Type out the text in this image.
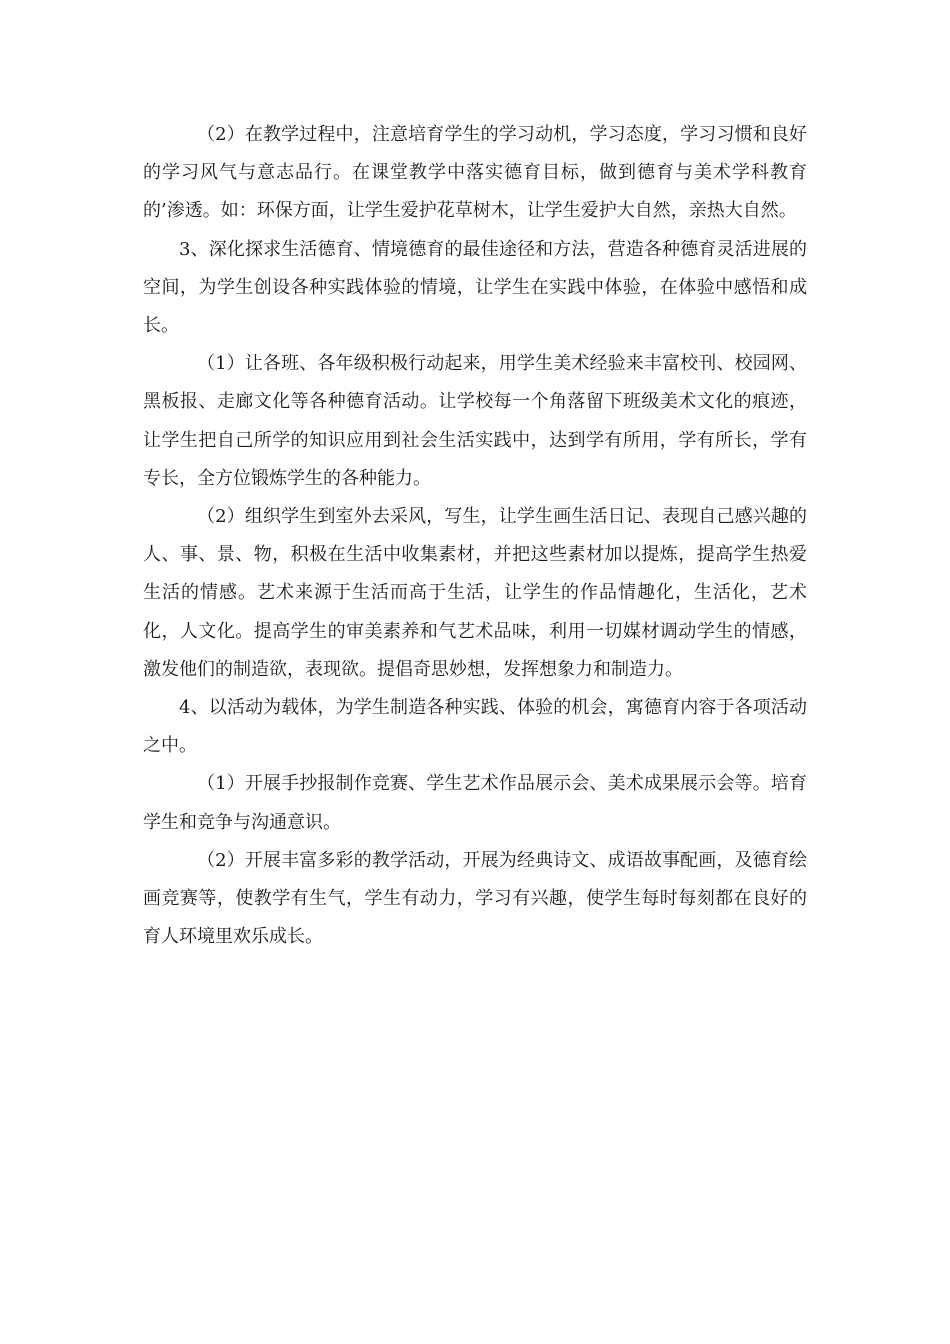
（2）在教学过程中，注意培育学生的学习动机，学习态度，学习习惯和良好的学习风气与意志品行。在课堂教学中落实德育目标，做到德育与美术学科教育的’渗透。如：环保方面，让学生爱护花草树木，让学生爱护大自然，亲热大自然。

3、深化探求生活德育、情境德育的最佳途径和方法，营造各种德育灵活进展的空间，为学生创设各种实践体验的情境，让学生在实践中体验，在体验中感悟和成长。

（1）让各班、各年级积极行动起来，用学生美术经验来丰富校刊、校园网、黑板报、走廊文化等各种德育活动。让学校每一个角落留下班级美术文化的痕迹，让学生把自己所学的知识应用到社会生活实践中，达到学有所用，学有所长，学有专长，全方位锻炼学生的各种能力。

（2）组织学生到室外去采风，写生，让学生画生活日记、表现自己感兴趣的人、事、景、物，积极在生活中收集素材，并把这些素材加以提炼，提高学生热爱生活的情感。艺术来源于生活而高于生活，让学生的作品情趣化，生活化，艺术化，人文化。提高学生的审美素养和气艺术品味，利用一切媒材调动学生的情感，激发他们的制造欲，表现欲。提倡奇思妙想，发挥想象力和制造力。

4、以活动为载体，为学生制造各种实践、体验的机会，寓德育内容于各项活动之中。

（1）开展手抄报制作竞赛、学生艺术作品展示会、美术成果展示会等。培育学生和竞争与沟通意识。

（2）开展丰富多彩的教学活动，开展为经典诗文、成语故事配画，及德育绘画竞赛等，使教学有生气，学生有动力，学习有兴趣，使学生每时每刻都在良好的育人环境里欢乐成长。
